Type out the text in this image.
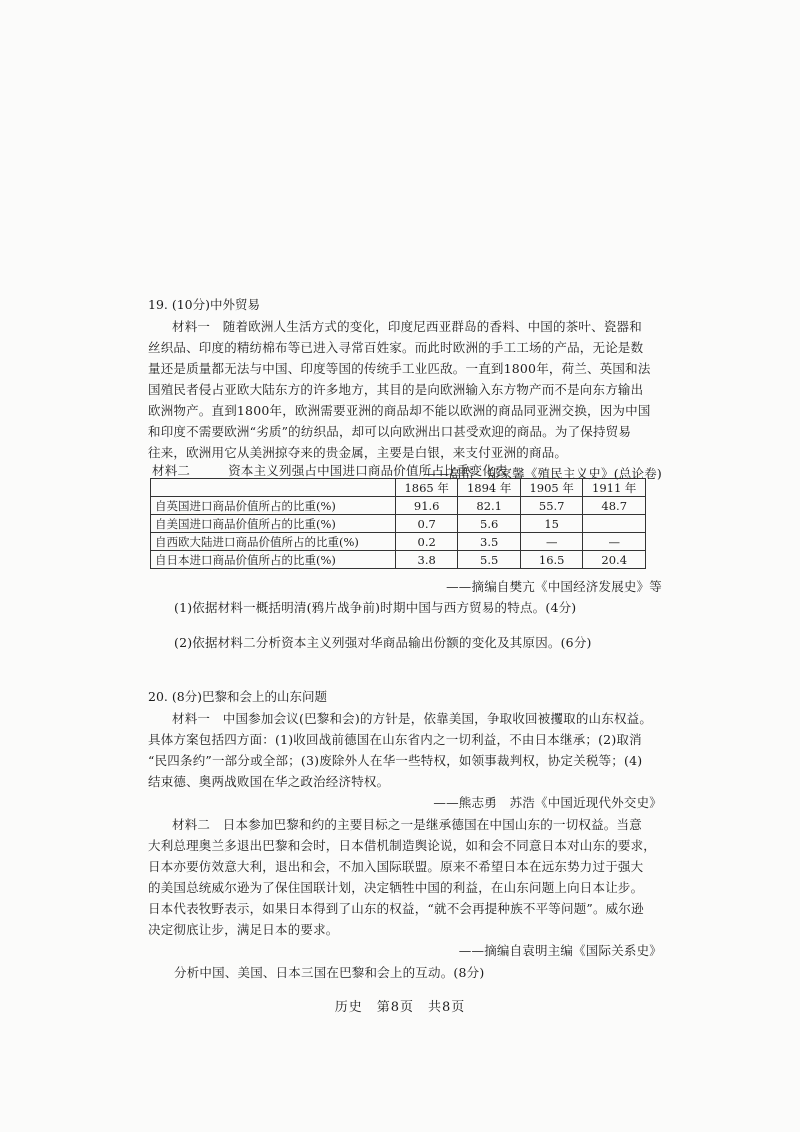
19. (10分)中外贸易
材料一　随着欧洲人生活方式的变化，印度尼西亚群岛的香料、中国的茶叶、瓷器和
丝织品、印度的精纺棉布等已进入寻常百姓家。而此时欧洲的手工工场的产品，无论是数
量还是质量都无法与中国、印度等国的传统手工业匹敌。一直到1800年，荷兰、英国和法
国殖民者侵占亚欧大陆东方的许多地方，其目的是向欧洲输入东方物产而不是向东方输出
欧洲物产。直到1800年，欧洲需要亚洲的商品却不能以欧洲的商品同亚洲交换，因为中国
和印度不需要欧洲“劣质”的纺织品，却可以向欧洲出口甚受欢迎的商品。为了保持贸易
往来，欧洲用它从美洲掠夺来的贵金属，主要是白银，来支付亚洲的商品。
——高岱　郑家馨《殖民主义史》(总论卷)
材料二　　　资本主义列强占中国进口商品价值所占比重变化表
	1865 年	1894 年	1905 年	1911 年
自英国进口商品价值所占的比重(%)	91.6	82.1	55.7	48.7
自美国进口商品价值所占的比重(%)	0.7	5.6	15	
自西欧大陆进口商品价值所占的比重(%)	0.2	3.5	—	—
自日本进口商品价值所占的比重(%)	3.8	5.5	16.5	20.4
——摘编自樊亢《中国经济发展史》等
(1)依据材料一概括明清(鸦片战争前)时期中国与西方贸易的特点。(4分)
(2)依据材料二分析资本主义列强对华商品输出份额的变化及其原因。(6分)
20. (8分)巴黎和会上的山东问题
材料一　中国参加会议(巴黎和会)的方针是，依靠美国，争取收回被攫取的山东权益。
具体方案包括四方面：(1)收回战前德国在山东省内之一切利益，不由日本继承；(2)取消
“民四条约”一部分或全部；(3)废除外人在华一些特权，如领事裁判权，协定关税等；(4)
结束德、奥两战败国在华之政治经济特权。
——熊志勇　苏浩《中国近现代外交史》
材料二　日本参加巴黎和约的主要目标之一是继承德国在中国山东的一切权益。当意
大利总理奥兰多退出巴黎和会时，日本借机制造舆论说，如和会不同意日本对山东的要求，
日本亦要仿效意大利，退出和会，不加入国际联盟。原来不希望日本在远东势力过于强大
的美国总统威尔逊为了保住国联计划，决定牺牲中国的利益，在山东问题上向日本让步。
日本代表牧野表示，如果日本得到了山东的权益，“就不会再提种族不平等问题”。威尔逊
决定彻底让步，满足日本的要求。
——摘编自袁明主编《国际关系史》
分析中国、美国、日本三国在巴黎和会上的互动。(8分)
历史　第8页　共8页
